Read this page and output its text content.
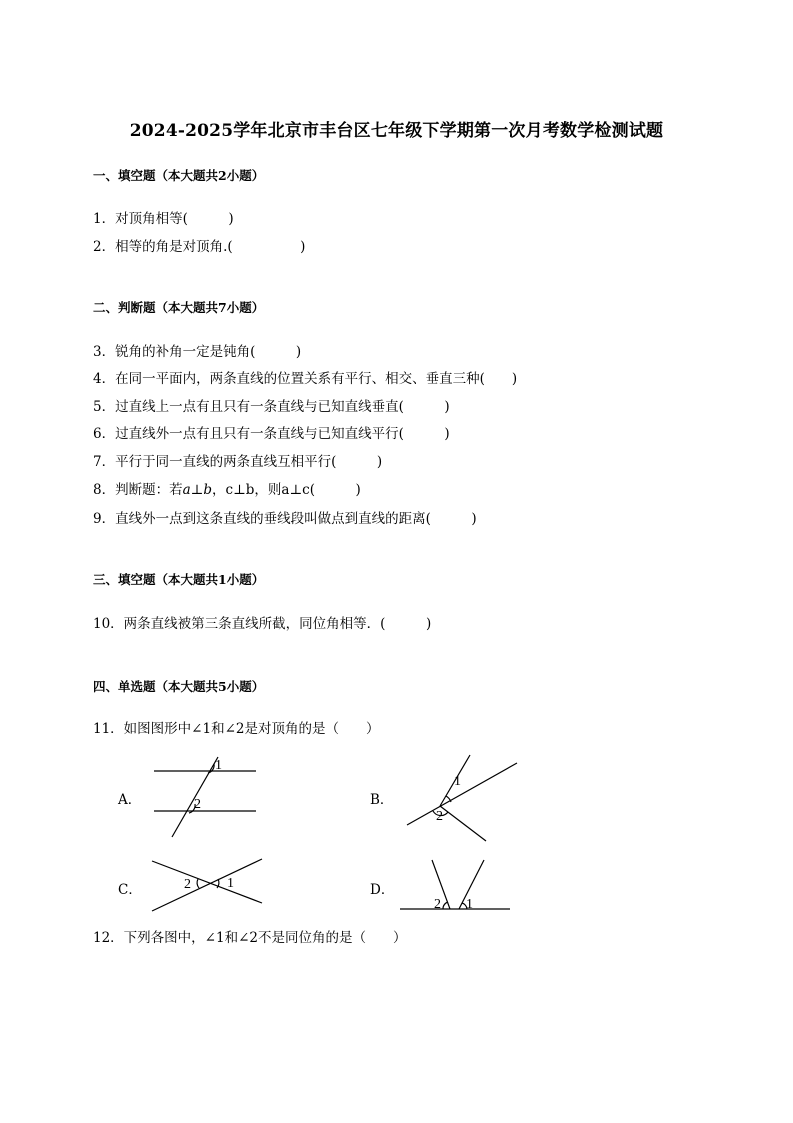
2024-2025学年北京市丰台区七年级下学期第一次月考数学检测试题
一、填空题（本大题共2小题）
1．对顶角相等(　　　)
2．相等的角是对顶角.(　　　　　)
二、判断题（本大题共7小题）
3．锐角的补角一定是钝角(　　　)
4．在同一平面内，两条直线的位置关系有平行、相交、垂直三种(　　)
5．过直线上一点有且只有一条直线与已知直线垂直(　　　)
6．过直线外一点有且只有一条直线与已知直线平行(　　　)
7．平行于同一直线的两条直线互相平行(　　　)
8．判断题：若a⊥b，c⊥b，则a⊥c(　　　)
9．直线外一点到这条直线的垂线段叫做点到直线的距离(　　　)
三、填空题（本大题共1小题）
10．两条直线被第三条直线所截，同位角相等．(　　　)
四、单选题（本大题共5小题）
11．如图图形中∠1和∠2是对顶角的是（　　）
A．
1
2	B．
1
2
C．	2	1	D．
2 1
12．下列各图中，∠1和∠2不是同位角的是（　　）
